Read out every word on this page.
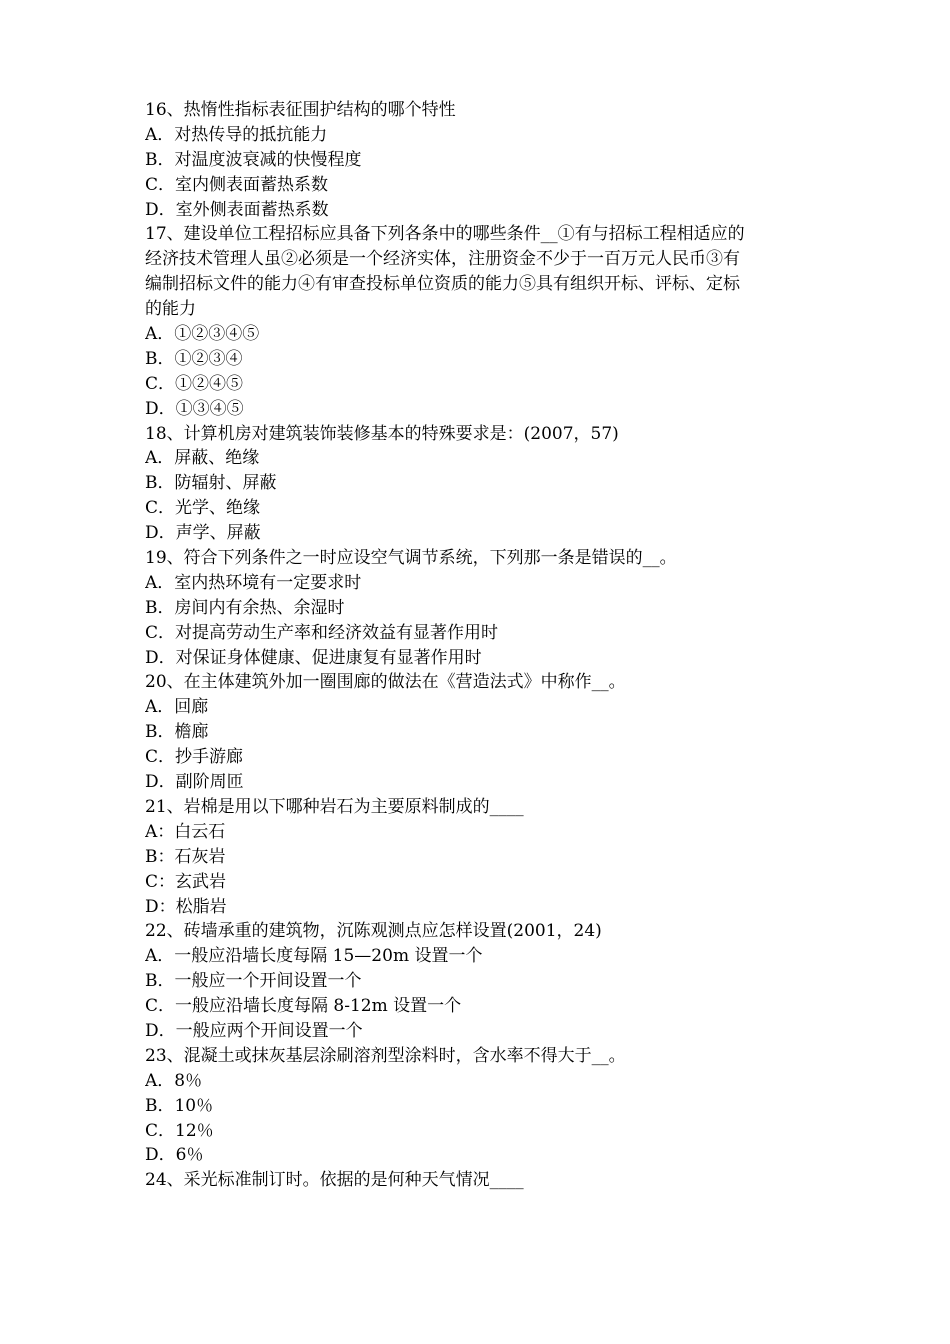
16、热惰性指标表征围护结构的哪个特性
A．对热传导的抵抗能力
B．对温度波衰减的快慢程度
C．室内侧表面蓄热系数
D．室外侧表面蓄热系数
17、建设单位工程招标应具备下列各条中的哪些条件__①有与招标工程相适应的
经济技术管理人虽②必须是一个经济实体，注册资金不少于一百万元人民币③有
编制招标文件的能力④有审查投标单位资质的能力⑤具有组织开标、评标、定标
的能力
A．①②③④⑤
B．①②③④
C．①②④⑤
D．①③④⑤
18、计算机房对建筑装饰装修基本的特殊要求是：(2007，57)
A．屏蔽、绝缘
B．防辐射、屏蔽
C．光学、绝缘
D．声学、屏蔽
19、符合下列条件之一时应设空气调节系统，下列那一条是错误的__。
A．室内热环境有一定要求时
B．房间内有余热、余湿时
C．对提高劳动生产率和经济效益有显著作用时
D．对保证身体健康、促进康复有显著作用时
20、在主体建筑外加一圈围廊的做法在《营造法式》中称作__。
A．回廊
B．檐廊
C．抄手游廊
D．副阶周匝
21、岩棉是用以下哪种岩石为主要原料制成的____
A：白云石
B：石灰岩
C：玄武岩
D：松脂岩
22、砖墙承重的建筑物，沉陈观测点应怎样设置(2001，24)
A．一般应沿墙长度每隔 15—20m 设置一个
B．一般应一个开间设置一个
C．一般应沿墙长度每隔 8-12m 设置一个
D．一般应两个开间设置一个
23、混凝土或抹灰基层涂刷溶剂型涂料时，含水率不得大于__。
A．8％
B．10％
C．12％
D．6％
24、采光标准制订时。依据的是何种天气情况____
